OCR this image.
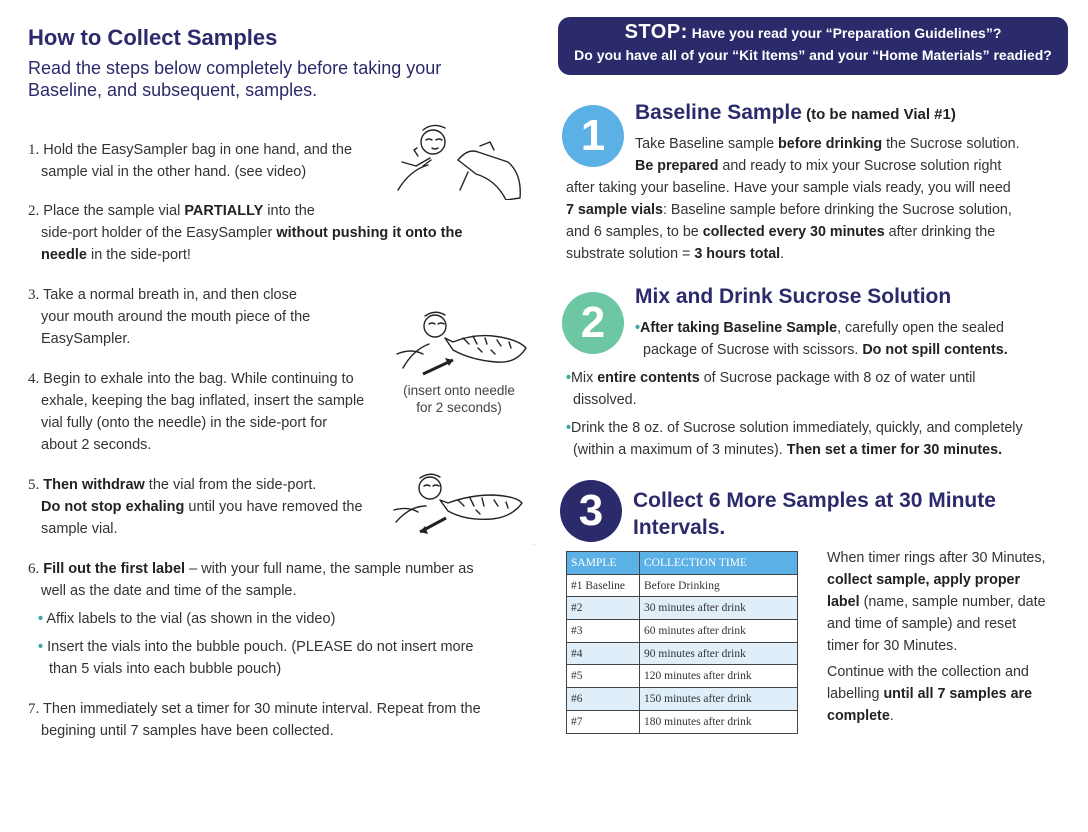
How to Collect Samples
Read the steps below completely before taking your Baseline, and subsequent, samples.
1. Hold the EasySampler bag in one hand, and the
sample vial in the other hand. (see video)
2. Place the sample vial PARTIALLY into the
side-port holder of the EasySampler without pushing it onto the
needle in the side-port!
3. Take a normal breath in, and then close
your mouth around the mouth piece of the
EasySampler.
4. Begin to exhale into the bag. While continuing to
exhale, keeping the bag inflated, insert the sample
vial fully (onto the needle) in the side-port for
about 2 seconds.
5. Then withdraw the vial from the side-port.
Do not stop exhaling until you have removed the
sample vial.
6. Fill out the first label – with your full name, the sample number as
well as the date and time of the sample.
• Affix labels to the vial (as shown in the video)
• Insert the vials into the bubble pouch. (PLEASE do not insert more
than 5 vials into each bubble pouch)
7. Then immediately set a timer for 30 minute interval. Repeat from the
begining until 7 samples have been collected.
(insert onto needle
for 2 seconds)
STOP: Have you read your “Preparation Guidelines”?
Do you have all of your “Kit Items” and your “Home Materials” readied?
1	Baseline Sample (to be named Vial #1)
Take Baseline sample before drinking the Sucrose solution.
Be prepared and ready to mix your Sucrose solution right
after taking your baseline. Have your sample vials ready, you will need
7 sample vials: Baseline sample before drinking the Sucrose solution,
and 6 samples, to be collected every 30 minutes after drinking the
substrate solution = 3 hours total.
2
Mix and Drink Sucrose Solution
•After taking Baseline Sample, carefully open the sealed
package of Sucrose with scissors. Do not spill contents.
•Mix entire contents of Sucrose package with 8 oz of water until
dissolved.
•Drink the 8 oz. of Sucrose solution immediately, quickly, and completely
(within a maximum of 3 minutes). Then set a timer for 30 minutes.
3	Collect 6 More Samples at 30 Minute
Intervals.
SAMPLE	COLLECTION TIME
#1 Baseline	Before Drinking
#2	30 minutes after drink
#3	60 minutes after drink
#4	90 minutes after drink
#5	120 minutes after drink
#6	150 minutes after drink
#7	180 minutes after drink
When timer rings after 30 Minutes,
collect sample, apply proper
label (name, sample number, date
and time of sample) and reset
timer for 30 Minutes.
Continue with the collection and
labelling until all 7 samples are
complete.
